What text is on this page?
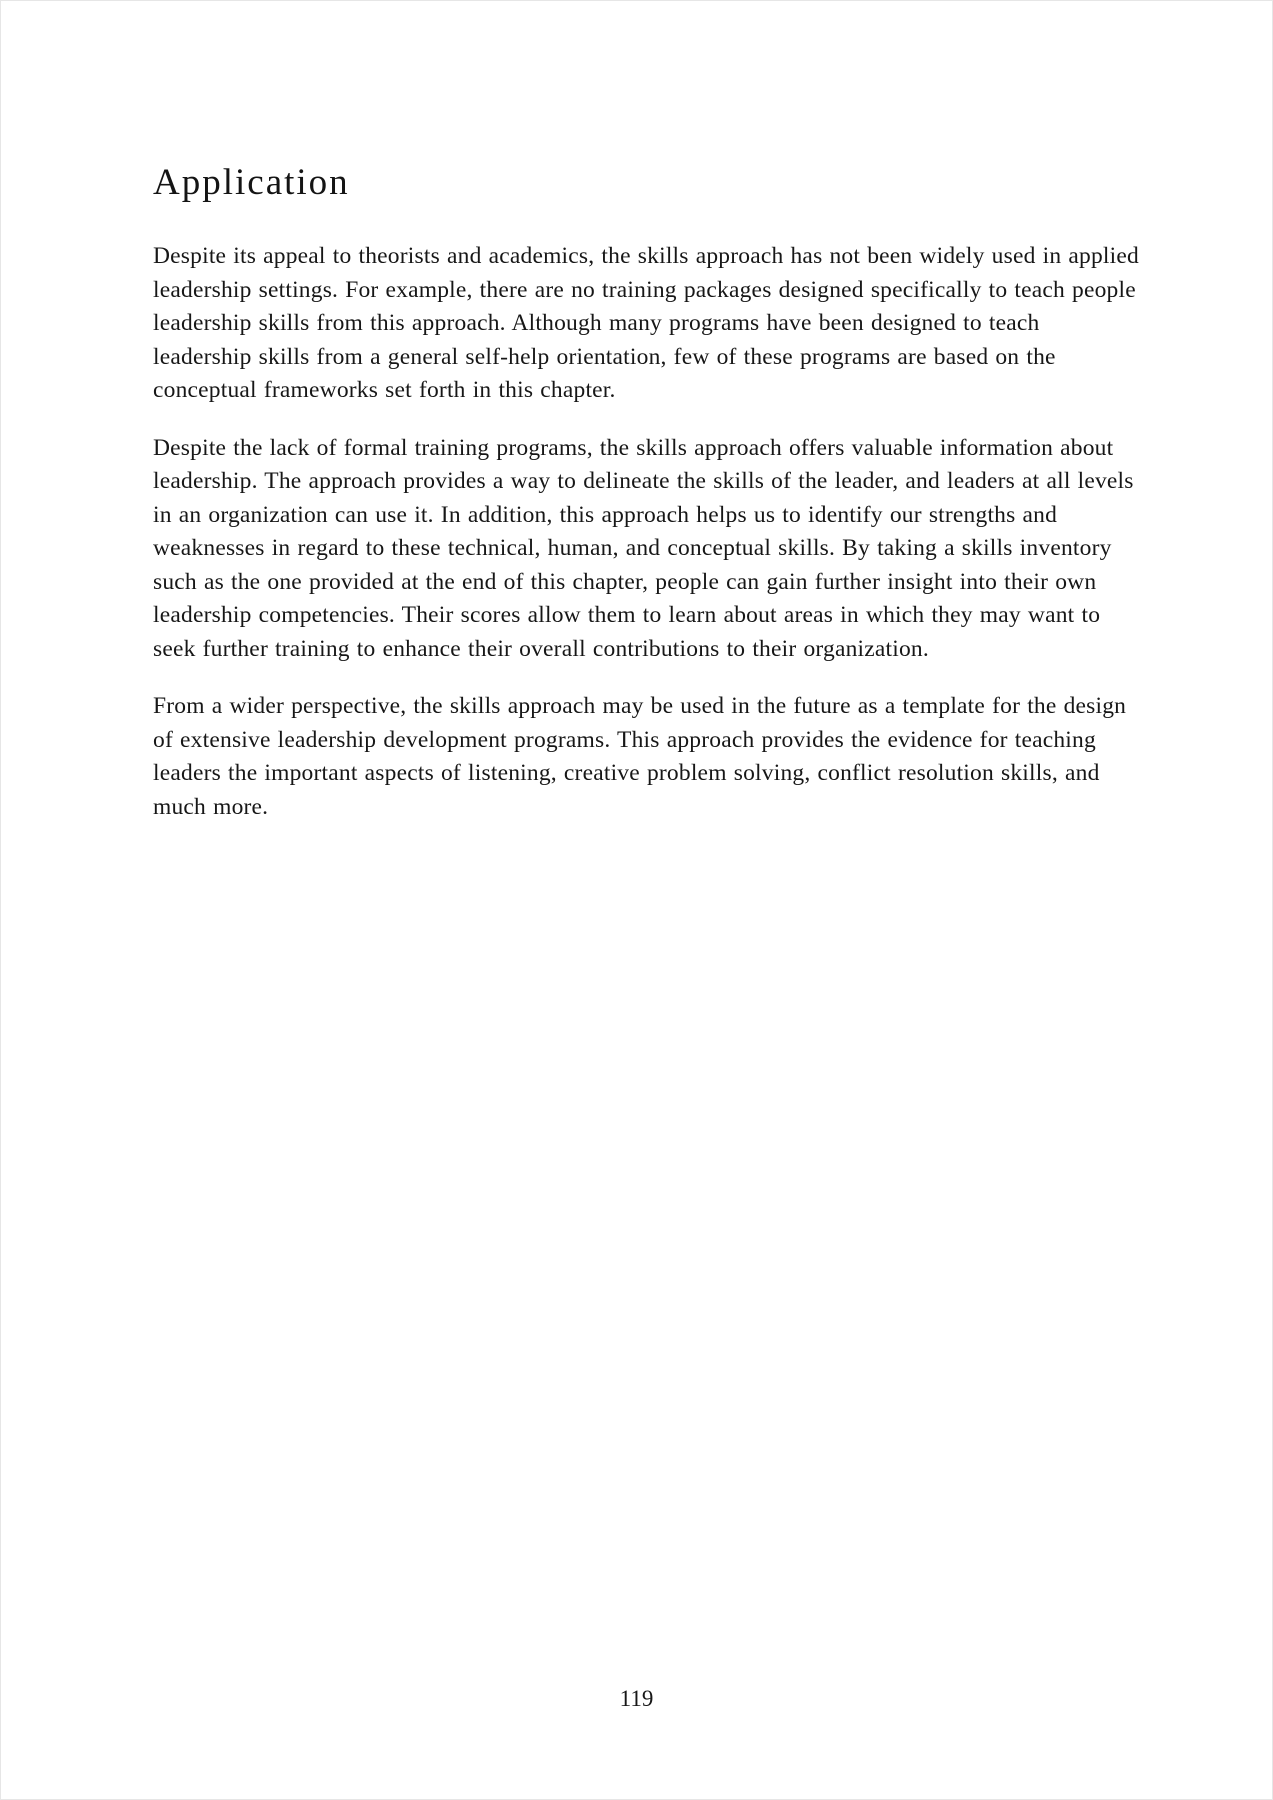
Application

Despite its appeal to theorists and academics, the skills approach has not been widely used in applied leadership settings. For example, there are no training packages designed specifically to teach people leadership skills from this approach. Although many programs have been designed to teach leadership skills from a general self-help orientation, few of these programs are based on the conceptual frameworks set forth in this chapter.

Despite the lack of formal training programs, the skills approach offers valuable information about leadership. The approach provides a way to delineate the skills of the leader, and leaders at all levels in an organization can use it. In addition, this approach helps us to identify our strengths and weaknesses in regard to these technical, human, and conceptual skills. By taking a skills inventory such as the one provided at the end of this chapter, people can gain further insight into their own leadership competencies. Their scores allow them to learn about areas in which they may want to seek further training to enhance their overall contributions to their organization.

From a wider perspective, the skills approach may be used in the future as a template for the design of extensive leadership development programs. This approach provides the evidence for teaching leaders the important aspects of listening, creative problem solving, conflict resolution skills, and much more.

119
